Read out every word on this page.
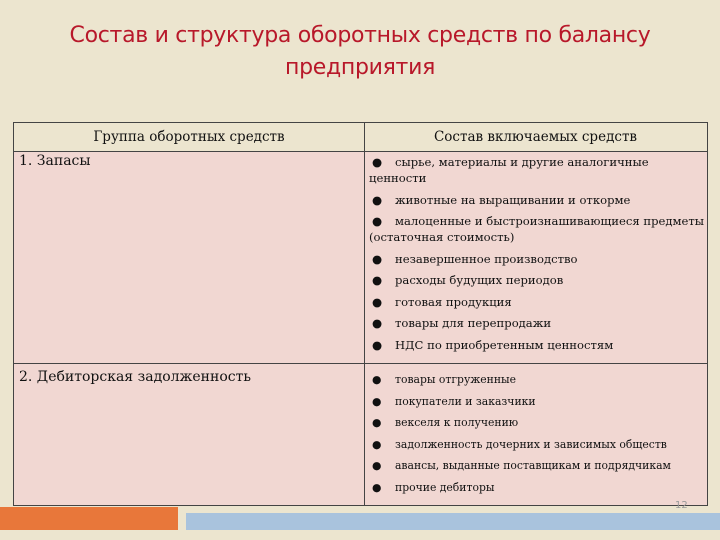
Состав и структура оборотных средств по балансу
предприятия
Группа оборотных средств	Состав включаемых средств
1. Запасы	● сырье, материалы и другие аналогичные ценности
● животные на выращивании и откорме
● малоценные и быстроизнашивающиеся предметы (остаточная стоимость)
● незавершенное производство
● расходы будущих периодов
● готовая продукция
● товары для перепродажи
● НДС по приобретенным ценностям
2. Дебиторская задолженность	● товары отгруженные
● покупатели и заказчики
● векселя к получению
● задолженность дочерних и зависимых обществ
● авансы, выданные поставщикам и подрядчикам
● прочие дебиторы
12
